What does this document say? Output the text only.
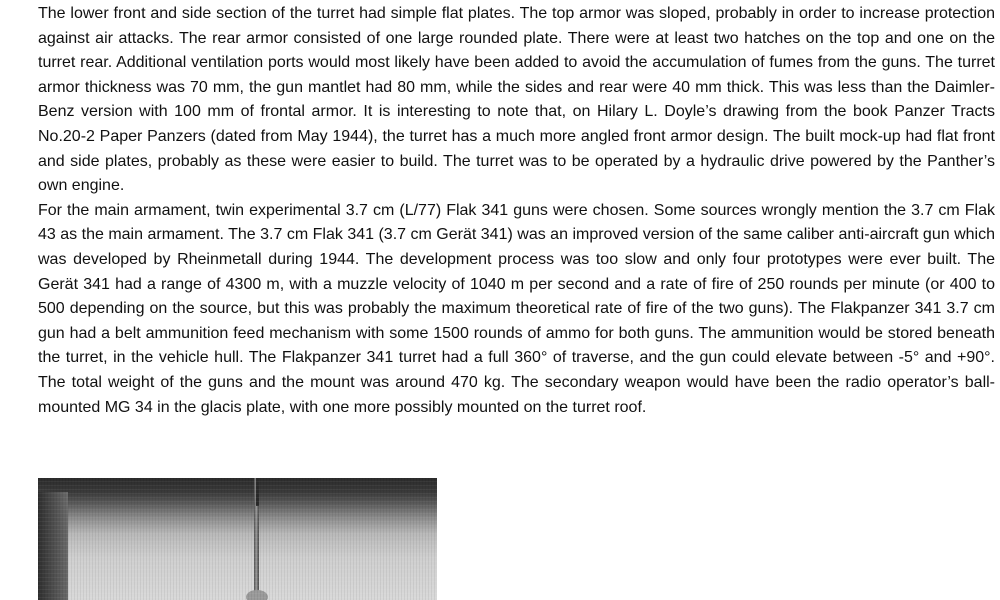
The lower front and side section of the turret had simple flat plates. The top armor was sloped, probably in order to increase protection against air attacks. The rear armor consisted of one large rounded plate. There were at least two hatches on the top and one on the turret rear. Additional ventilation ports would most likely have been added to avoid the accumulation of fumes from the guns. The turret armor thickness was 70 mm, the gun mantlet had 80 mm, while the sides and rear were 40 mm thick. This was less than the Daimler-Benz version with 100 mm of frontal armor. It is interesting to note that, on Hilary L. Doyle’s drawing from the book Panzer Tracts No.20-2 Paper Panzers (dated from May 1944), the turret has a much more angled front armor design. The built mock-up had flat front and side plates, probably as these were easier to build. The turret was to be operated by a hydraulic drive powered by the Panther’s own engine.

For the main armament, twin experimental 3.7 cm (L/77) Flak 341 guns were chosen. Some sources wrongly mention the 3.7 cm Flak 43 as the main armament. The 3.7 cm Flak 341 (3.7 cm Gerät 341) was an improved version of the same caliber anti-aircraft gun which was developed by Rheinmetall during 1944. The development process was too slow and only four prototypes were ever built. The Gerät 341 had a range of 4300 m, with a muzzle velocity of 1040 m per second and a rate of fire of 250 rounds per minute (or 400 to 500 depending on the source, but this was probably the maximum theoretical rate of fire of the two guns). The Flakpanzer 341 3.7 cm gun had a belt ammunition feed mechanism with some 1500 rounds of ammo for both guns. The ammunition would be stored beneath the turret, in the vehicle hull. The Flakpanzer 341 turret had a full 360° of traverse, and the gun could elevate between -5° and +90°. The total weight of the guns and the mount was around 470 kg. The secondary weapon would have been the radio operator’s ball-mounted MG 34 in the glacis plate, with one more possibly mounted on the turret roof.
